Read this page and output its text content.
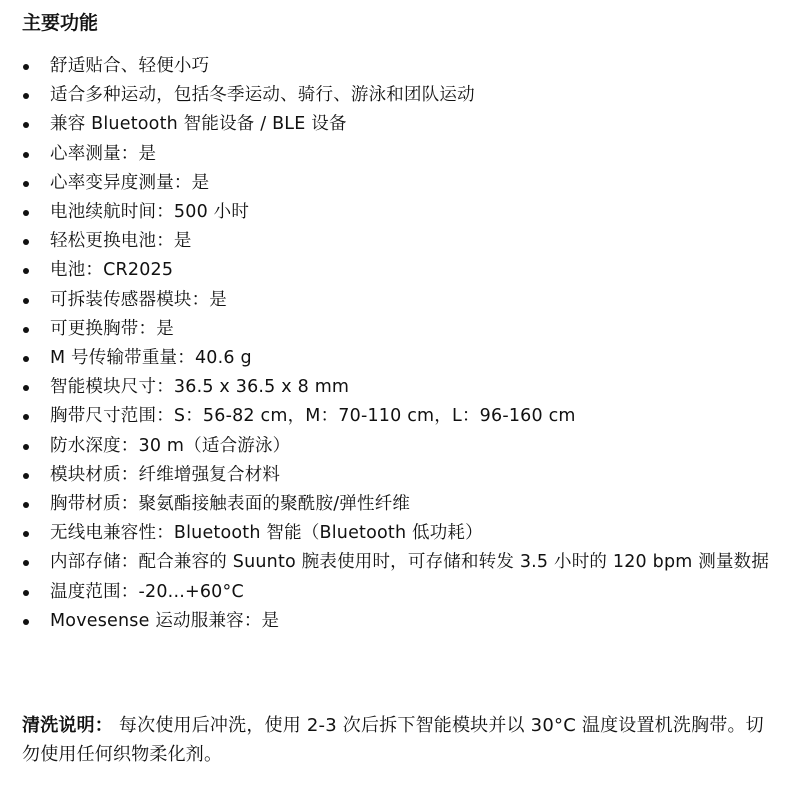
主要功能
舒适贴合、轻便小巧
适合多种运动，包括冬季运动、骑行、游泳和团队运动
兼容 Bluetooth 智能设备 / BLE 设备
心率测量：是
心率变异度测量：是
电池续航时间：500 小时
轻松更换电池：是
电池：CR2025
可拆装传感器模块：是
可更换胸带：是
M 号传输带重量：40.6 g
智能模块尺寸：36.5 x 36.5 x 8 mm
胸带尺寸范围：S：56-82 cm，M：70-110 cm，L：96-160 cm
防水深度：30 m（适合游泳）
模块材质：纤维增强复合材料
胸带材质：聚氨酯接触表面的聚酰胺/弹性纤维
无线电兼容性：Bluetooth 智能（Bluetooth 低功耗）
内部存储：配合兼容的 Suunto 腕表使用时，可存储和转发 3.5 小时的 120 bpm 测量数据
温度范围：-20...+60°C
Movesense 运动服兼容：是

清洗说明： 每次使用后冲洗，使用 2-3 次后拆下智能模块并以 30°C 温度设置机洗胸带。切勿使用任何织物柔化剂。
